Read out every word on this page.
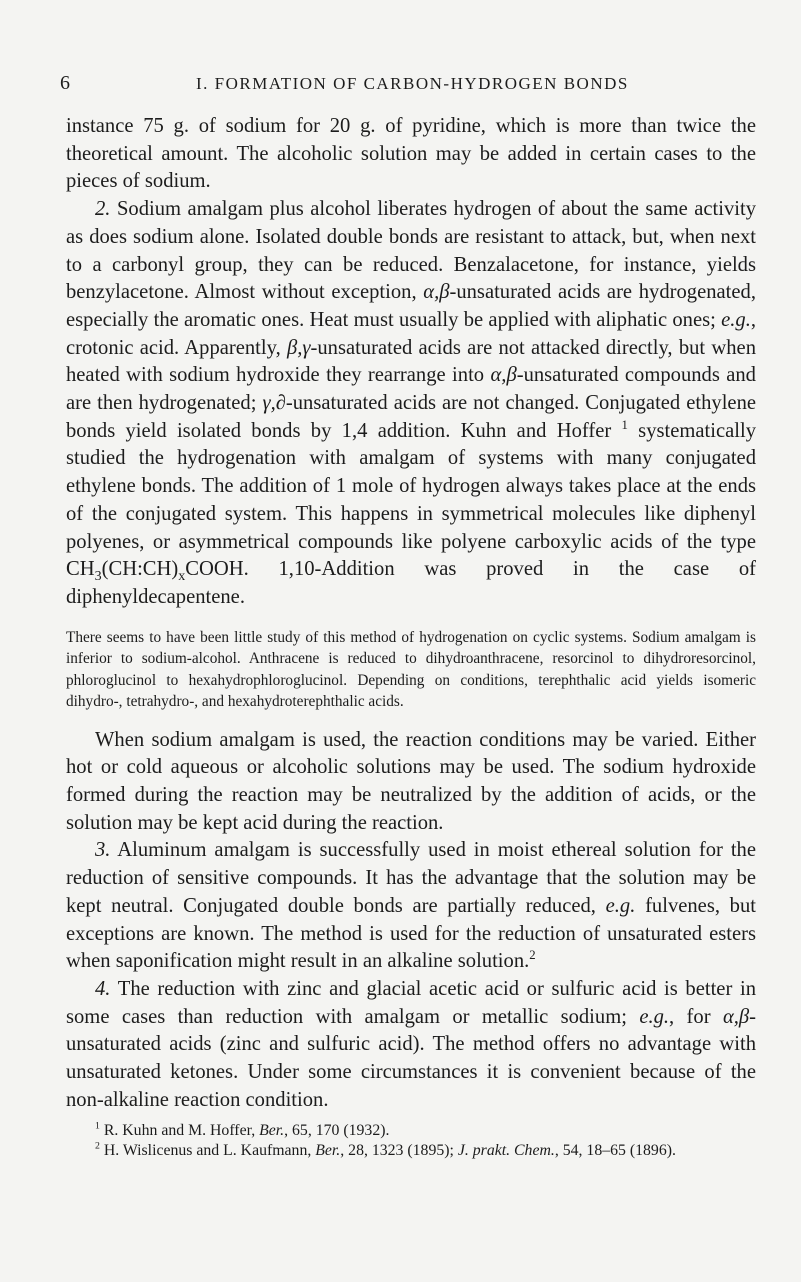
6	I. FORMATION OF CARBON-HYDROGEN BONDS

instance 75 g. of sodium for 20 g. of pyridine, which is more than twice the theoretical amount. The alcoholic solution may be added in certain cases to the pieces of sodium.

2. Sodium amalgam plus alcohol liberates hydrogen of about the same activity as does sodium alone. Isolated double bonds are resistant to attack, but, when next to a carbonyl group, they can be reduced. Benzalacetone, for instance, yields benzylacetone. Almost without exception, α,β-unsaturated acids are hydrogenated, especially the aromatic ones. Heat must usually be applied with aliphatic ones; e.g., crotonic acid. Apparently, β,γ-unsaturated acids are not attacked directly, but when heated with sodium hydroxide they rearrange into α,β-unsaturated compounds and are then hydrogenated; γ,∂-unsaturated acids are not changed. Conjugated ethylene bonds yield isolated bonds by 1,4 addition. Kuhn and Hoffer $^1$ systematically studied the hydrogenation with amalgam of systems with many conjugated ethylene bonds. The addition of 1 mole of hydrogen always takes place at the ends of the conjugated system. This happens in symmetrical molecules like diphenyl polyenes, or asymmetrical compounds like polyene carboxylic acids of the type $CH_3(CH:CH)_xCOOH$. 1,10-Addition was proved in the case of diphenyldecapentene.

There seems to have been little study of this method of hydrogenation on cyclic systems. Sodium amalgam is inferior to sodium-alcohol. Anthracene is reduced to dihydroanthracene, resorcinol to dihydroresorcinol, phloroglucinol to hexahydrophloroglucinol. Depending on conditions, terephthalic acid yields isomeric dihydro-, tetrahydro-, and hexahydroterephthalic acids.

When sodium amalgam is used, the reaction conditions may be varied. Either hot or cold aqueous or alcoholic solutions may be used. The sodium hydroxide formed during the reaction may be neutralized by the addition of acids, or the solution may be kept acid during the reaction.

3. Aluminum amalgam is successfully used in moist ethereal solution for the reduction of sensitive compounds. It has the advantage that the solution may be kept neutral. Conjugated double bonds are partially reduced, e.g. fulvenes, but exceptions are known. The method is used for the reduction of unsaturated esters when saponification might result in an alkaline solution.$^2$

4. The reduction with zinc and glacial acetic acid or sulfuric acid is better in some cases than reduction with amalgam or metallic sodium; e.g., for α,β-unsaturated acids (zinc and sulfuric acid). The method offers no advantage with unsaturated ketones. Under some circumstances it is convenient because of the non-alkaline reaction condition.

$^1$ R. Kuhn and M. Hoffer, Ber., 65, 170 (1932).

$^2$ H. Wislicenus and L. Kaufmann, Ber., 28, 1323 (1895); J. prakt. Chem., 54, 18–65 (1896).
